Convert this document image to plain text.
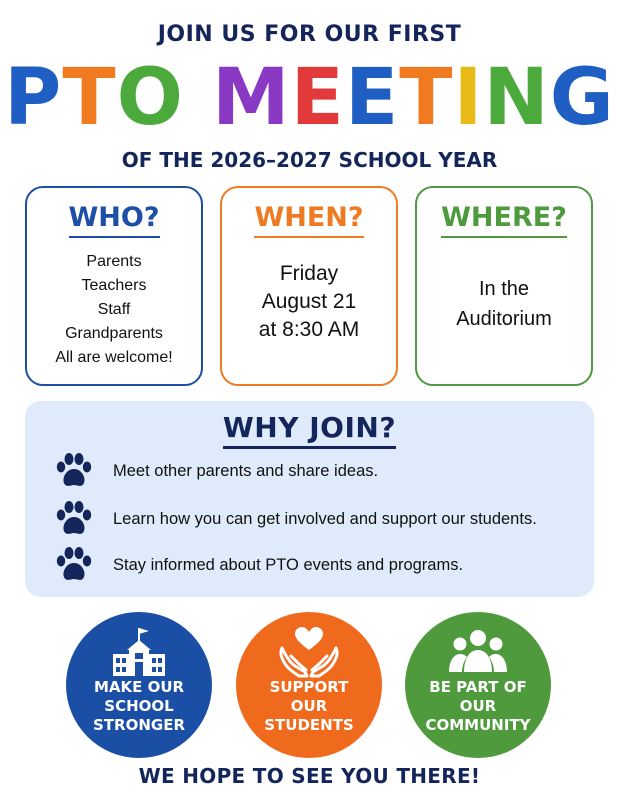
JOIN US FOR OUR FIRST
PTO MEETING
OF THE 2026–2027 SCHOOL YEAR
WHO?
Parents
Teachers
Staff
Grandparents
All are welcome!
WHEN?
Friday
August 21
at 8:30 AM
WHERE?
In the
Auditorium
WHY JOIN?
Meet other parents and share ideas.
Learn how you can get involved and support our students.
Stay informed about PTO events and programs.
MAKE OUR
SCHOOL
STRONGER
SUPPORT
OUR
STUDENTS
BE PART OF
OUR
COMMUNITY
WE HOPE TO SEE YOU THERE!
